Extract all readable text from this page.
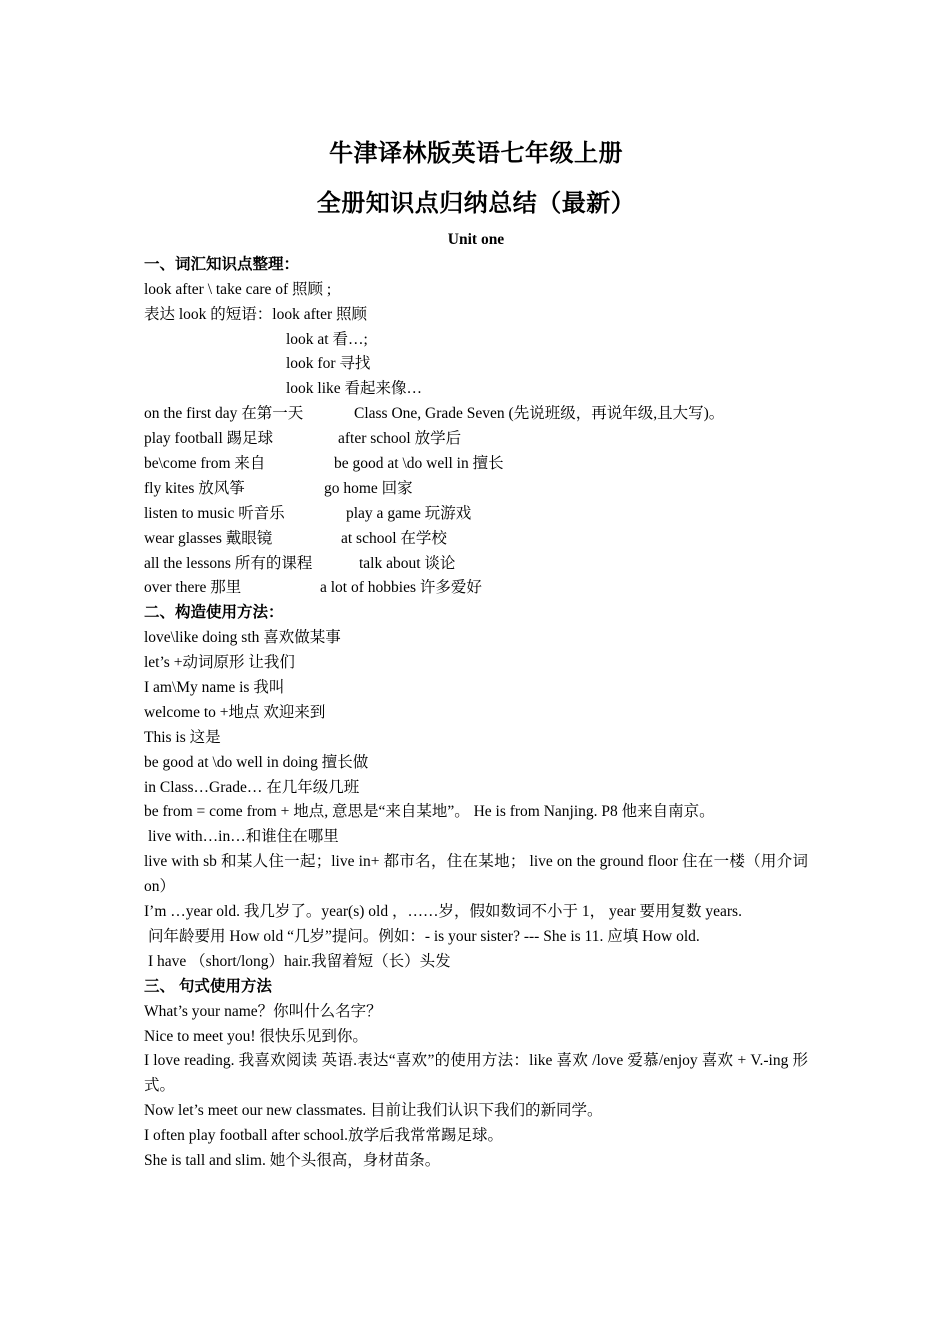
牛津译林版英语七年级上册
全册知识点归纳总结（最新）
Unit one
一、词汇知识点整理：
look after \ take care of 照顾 ;
表达 look 的短语：look after 照顾
look at 看…;
look for 寻找
look like 看起来像…
on the first day 在第一天	Class One, Grade Seven (先说班级，再说年级,且大写)。
play football 踢足球	after school 放学后
be\come from 来自	be good at \do well in 擅长
fly kites 放风筝	go home 回家
listen to music 听音乐	play a game 玩游戏
wear glasses 戴眼镜	at school 在学校
all the lessons 所有的课程	talk about 谈论
over there 那里	a lot of hobbies 许多爱好
二、构造使用方法：
love\like doing sth 喜欢做某事
let’s +动词原形 让我们
I am\My name is 我叫
welcome to +地点 欢迎来到
This is 这是
be good at \do well in doing 擅长做
in Class…Grade… 在几年级几班
be from = come from + 地点, 意思是“来自某地”。 He is from Nanjing. P8 他来自南京。
live with…in…和谁住在哪里
live with sb 和某人住一起；live in+ 都市名，住在某地； live on the ground floor 住在一楼（用介词 on）
I’m …year old. 我几岁了。year(s) old ，……岁，假如数词不小于 1， year 要用复数 years.
问年龄要用 How old “几岁”提问。例如：- is your sister? --- She is 11. 应填 How old.
I have （short/long）hair.我留着短（长）头发
三、 句式使用方法
What’s your name？你叫什么名字？
Nice to meet you! 很快乐见到你。
I love reading. 我喜欢阅读 英语.表达“喜欢”的使用方法：like 喜欢 /love 爱慕/enjoy 喜欢 + V.-ing 形式。
Now let’s meet our new classmates. 目前让我们认识下我们的新同学。
I often play football after school.放学后我常常踢足球。
She is tall and slim. 她个头很高，身材苗条。
